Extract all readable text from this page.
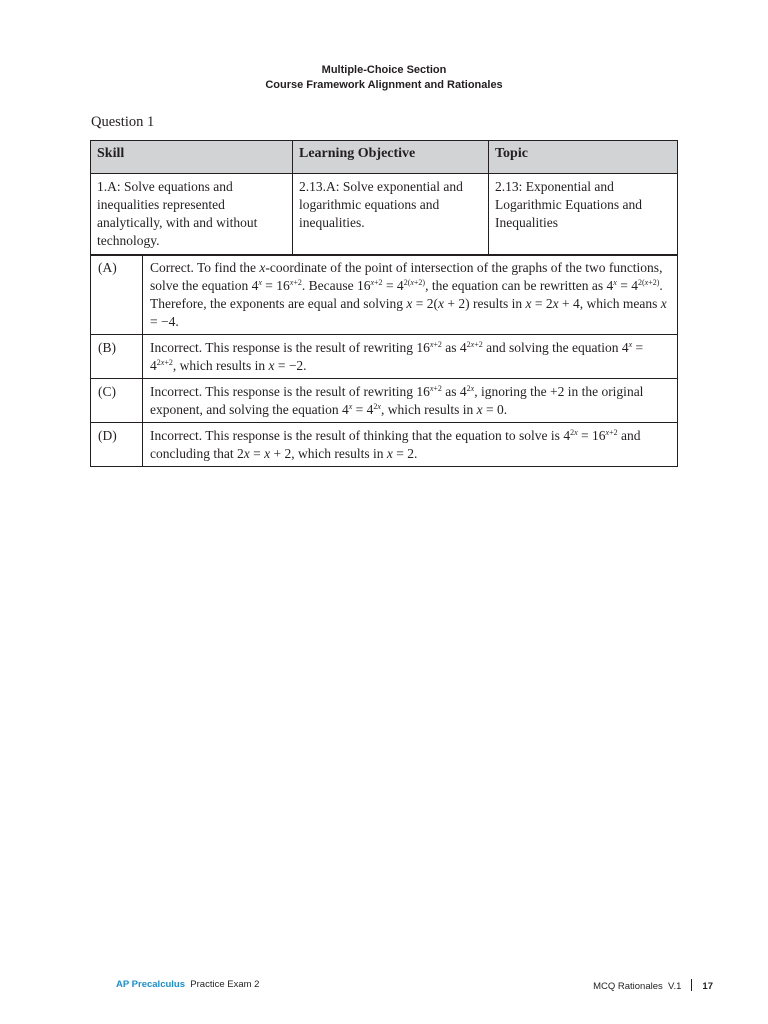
Multiple-Choice Section
Course Framework Alignment and Rationales
Question 1
Skill	Learning Objective	Topic
1.A: Solve equations and inequalities represented analytically, with and without technology.	2.13.A: Solve exponential and logarithmic equations and inequalities.	2.13: Exponential and Logarithmic Equations and Inequalities
(A)	Correct. To find the x-coordinate of the point of intersection of the graphs of the two functions, solve the equation $4^x = 16^{x+2}$. Because $16^{x+2} = 4^{2(x+2)}$, the equation can be rewritten as $4^x = 4^{2(x+2)}$. Therefore, the exponents are equal and solving x = 2(x + 2) results in x = 2x + 4, which means x = −4.
(B)	Incorrect. This response is the result of rewriting $16^{x+2}$ as $4^{2x+2}$ and solving the equation $4^x = 4^{2x+2}$, which results in x = −2.
(C)	Incorrect. This response is the result of rewriting $16^{x+2}$ as $4^{2x}$, ignoring the +2 in the original exponent, and solving the equation $4^x = 4^{2x}$, which results in x = 0.
(D)	Incorrect. This response is the result of thinking that the equation to solve is $4^{2x} = 16^{x+2}$ and concluding that 2x = x + 2, which results in x = 2.
AP Precalculus Practice Exam 2	MCQ Rationales  V.1 17
